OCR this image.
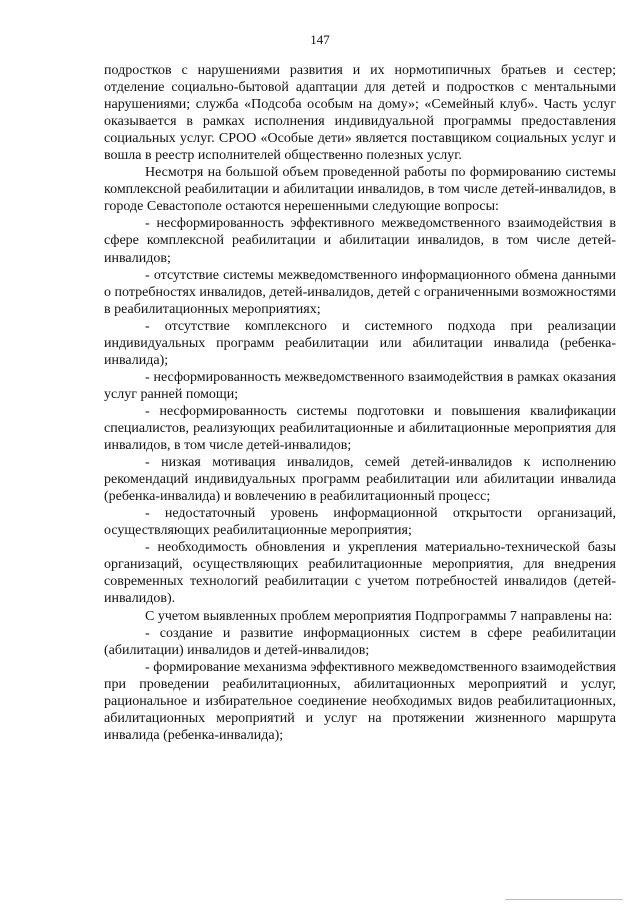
147

подростков с нарушениями развития и их нормотипичных братьев и сестер; отделение социально-бытовой адаптации для детей и подростков с ментальными нарушениями; служба «Подсоба особым на дому»; «Семейный клуб». Часть услуг оказывается в рамках исполнения индивидуальной программы предоставления социальных услуг. СРОО «Особые дети» является поставщиком социальных услуг и вошла в реестр исполнителей общественно полезных услуг.

Несмотря на большой объем проведенной работы по формированию системы комплексной реабилитации и абилитации инвалидов, в том числе детей-инвалидов, в городе Севастополе остаются нерешенными следующие вопросы:

- несформированность эффективного межведомственного взаимодействия в сфере комплексной реабилитации и абилитации инвалидов, в том числе детей-инвалидов;

- отсутствие системы межведомственного информационного обмена данными о потребностях инвалидов, детей-инвалидов, детей с ограниченными возможностями в реабилитационных мероприятиях;

- отсутствие комплексного и системного подхода при реализации индивидуальных программ реабилитации или абилитации инвалида (ребенка-инвалида);

- несформированность межведомственного взаимодействия в рамках оказания услуг ранней помощи;

- несформированность системы подготовки и повышения квалификации специалистов, реализующих реабилитационные и абилитационные мероприятия для инвалидов, в том числе детей-инвалидов;

- низкая мотивация инвалидов, семей детей-инвалидов к исполнению рекомендаций индивидуальных программ реабилитации или абилитации инвалида (ребенка-инвалида) и вовлечению в реабилитационный процесс;

- недостаточный уровень информационной открытости организаций, осуществляющих реабилитационные мероприятия;

- необходимость обновления и укрепления материально-технической базы организаций, осуществляющих реабилитационные мероприятия, для внедрения современных технологий реабилитации с учетом потребностей инвалидов (детей-инвалидов).

С учетом выявленных проблем мероприятия Подпрограммы 7 направлены на:

- создание и развитие информационных систем в сфере реабилитации (абилитации) инвалидов и детей-инвалидов;

- формирование механизма эффективного межведомственного взаимодействия при проведении реабилитационных, абилитационных мероприятий и услуг, рациональное и избирательное соединение необходимых видов реабилитационных, абилитационных мероприятий и услуг на протяжении жизненного маршрута инвалида (ребенка-инвалида);
